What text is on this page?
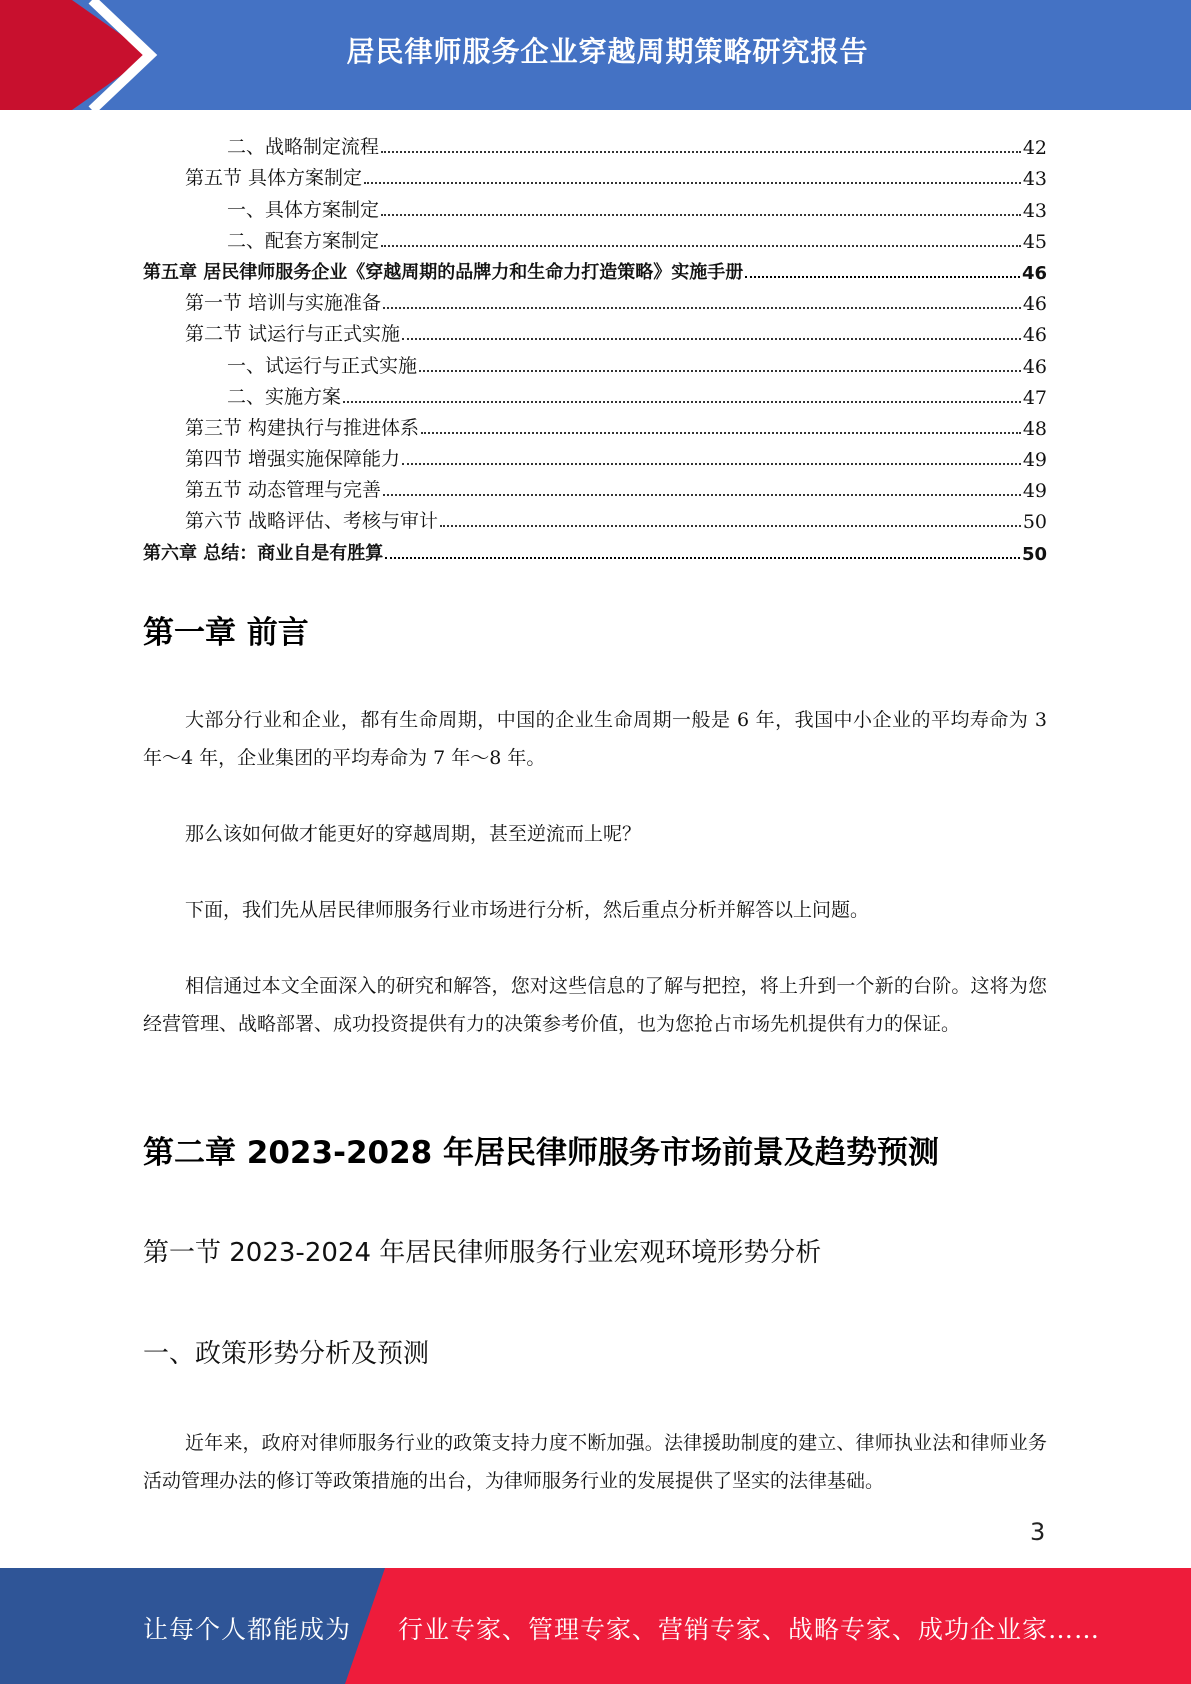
居民律师服务企业穿越周期策略研究报告
二、战略制定流程	42
第五节 具体方案制定	43
一、具体方案制定	43
二、配套方案制定	45
第五章 居民律师服务企业《穿越周期的品牌力和生命力打造策略》实施手册	46
第一节 培训与实施准备	46
第二节 试运行与正式实施	46
一、试运行与正式实施	46
二、实施方案	47
第三节 构建执行与推进体系	48
第四节 增强实施保障能力	49
第五节 动态管理与完善	49
第六节 战略评估、考核与审计	50
第六章 总结：商业自是有胜算	50
第一章 前言

大部分行业和企业，都有生命周期，中国的企业生命周期一般是 6 年，我国中小企业的平均寿命为 3 年～4 年，企业集团的平均寿命为 7 年～8 年。

那么该如何做才能更好的穿越周期，甚至逆流而上呢？

下面，我们先从居民律师服务行业市场进行分析，然后重点分析并解答以上问题。

相信通过本文全面深入的研究和解答，您对这些信息的了解与把控，将上升到一个新的台阶。这将为您经营管理、战略部署、成功投资提供有力的决策参考价值，也为您抢占市场先机提供有力的保证。

第二章 2023-2028 年居民律师服务市场前景及趋势预测
第一节 2023-2024 年居民律师服务行业宏观环境形势分析
一、政策形势分析及预测

近年来，政府对律师服务行业的政策支持力度不断加强。法律援助制度的建立、律师执业法和律师业务活动管理办法的修订等政策措施的出台，为律师服务行业的发展提供了坚实的法律基础。

3
让每个人都能成为 行业专家、管理专家、营销专家、战略专家、成功企业家……
